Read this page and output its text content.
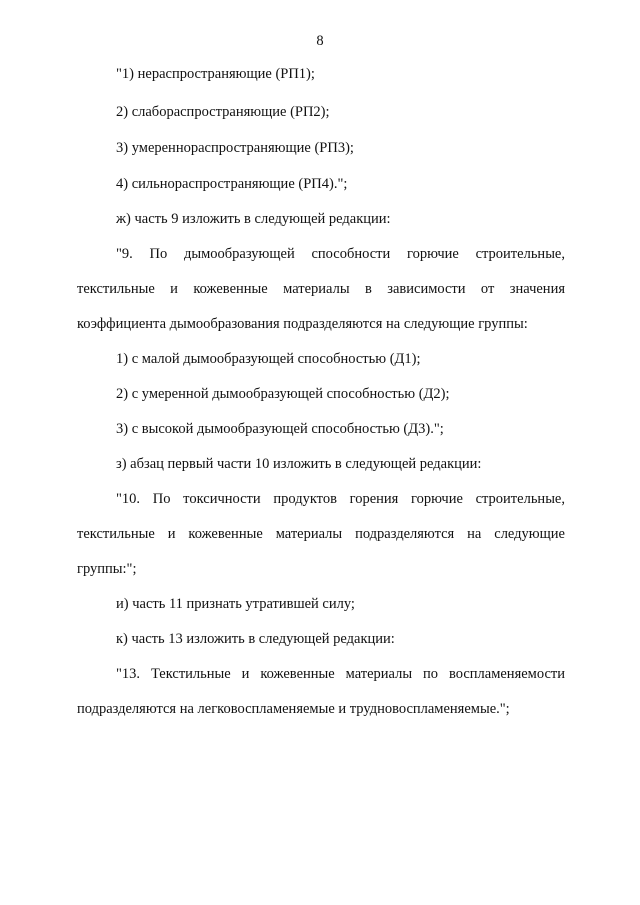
8
"1) нераспространяющие (РП1);
2) слабораспространяющие (РП2);
3) умереннораспространяющие (РП3);
4) сильнораспространяющие (РП4).";
ж) часть 9 изложить в следующей редакции:
"9. По дымообразующей способности горючие строительные,
текстильные и кожевенные материалы в зависимости от значения
коэффициента дымообразования подразделяются на следующие группы:
1) с малой дымообразующей способностью (Д1);
2) с умеренной дымообразующей способностью (Д2);
3) с высокой дымообразующей способностью (Д3).";
з) абзац первый части 10 изложить в следующей редакции:
"10. По токсичности продуктов горения горючие строительные,
текстильные и кожевенные материалы подразделяются на следующие
группы:";
и) часть 11 признать утратившей силу;
к) часть 13 изложить в следующей редакции:
"13. Текстильные и кожевенные материалы по воспламеняемости
подразделяются на легковоспламеняемые и трудновоспламеняемые.";
